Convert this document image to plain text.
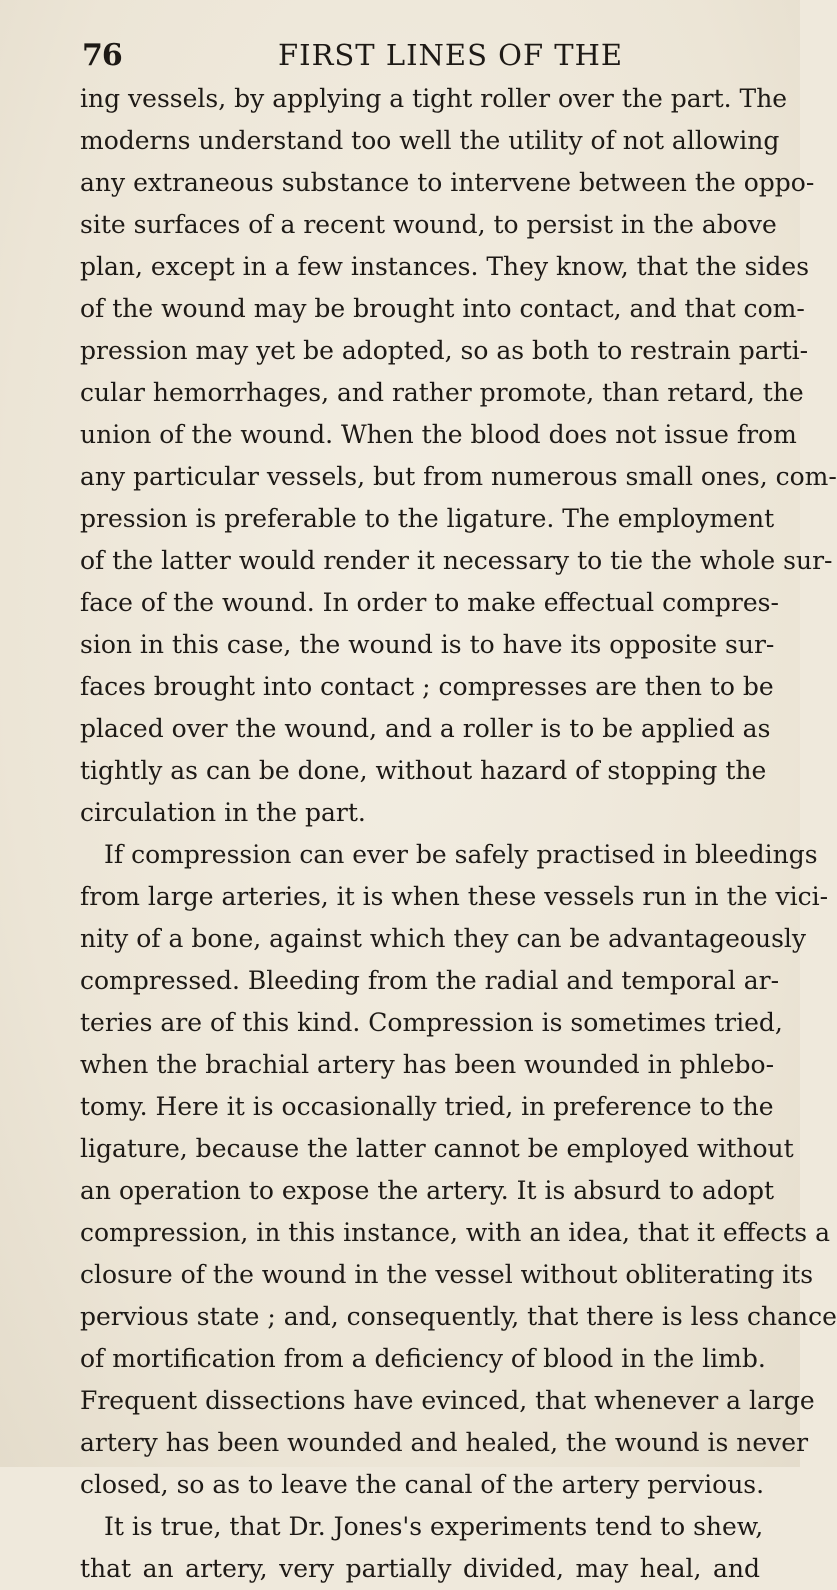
76	FIRST LINES OF THE
ing vessels, by applying a tight roller over the part. The
moderns understand too well the utility of not allowing
any extraneous substance to intervene between the oppo-
site surfaces of a recent wound, to persist in the above
plan, except in a few instances. They know, that the sides
of the wound may be brought into contact, and that com-
pression may yet be adopted, so as both to restrain parti-
cular hemorrhages, and rather promote, than retard, the
union of the wound. When the blood does not issue from
any particular vessels, but from numerous small ones, com-
pression is preferable to the ligature. The employment
of the latter would render it necessary to tie the whole sur-
face of the wound. In order to make effectual compres-
sion in this case, the wound is to have its opposite sur-
faces brought into contact ; compresses are then to be
placed over the wound, and a roller is to be applied as
tightly as can be done, without hazard of stopping the
circulation in the part.
If compression can ever be safely practised in bleedings
from large arteries, it is when these vessels run in the vici-
nity of a bone, against which they can be advantageously
compressed. Bleeding from the radial and temporal ar-
teries are of this kind. Compression is sometimes tried,
when the brachial artery has been wounded in phlebo-
tomy. Here it is occasionally tried, in preference to the
ligature, because the latter cannot be employed without
an operation to expose the artery. It is absurd to adopt
compression, in this instance, with an idea, that it effects a
closure of the wound in the vessel without obliterating its
pervious state ; and, consequently, that there is less chance
of mortification from a deficiency of blood in the limb.
Frequent dissections have evinced, that whenever a large
artery has been wounded and healed, the wound is never
closed, so as to leave the canal of the artery pervious.
It is true, that Dr. Jones's experiments tend to shew,
that an artery, very partially divided, may heal, and
